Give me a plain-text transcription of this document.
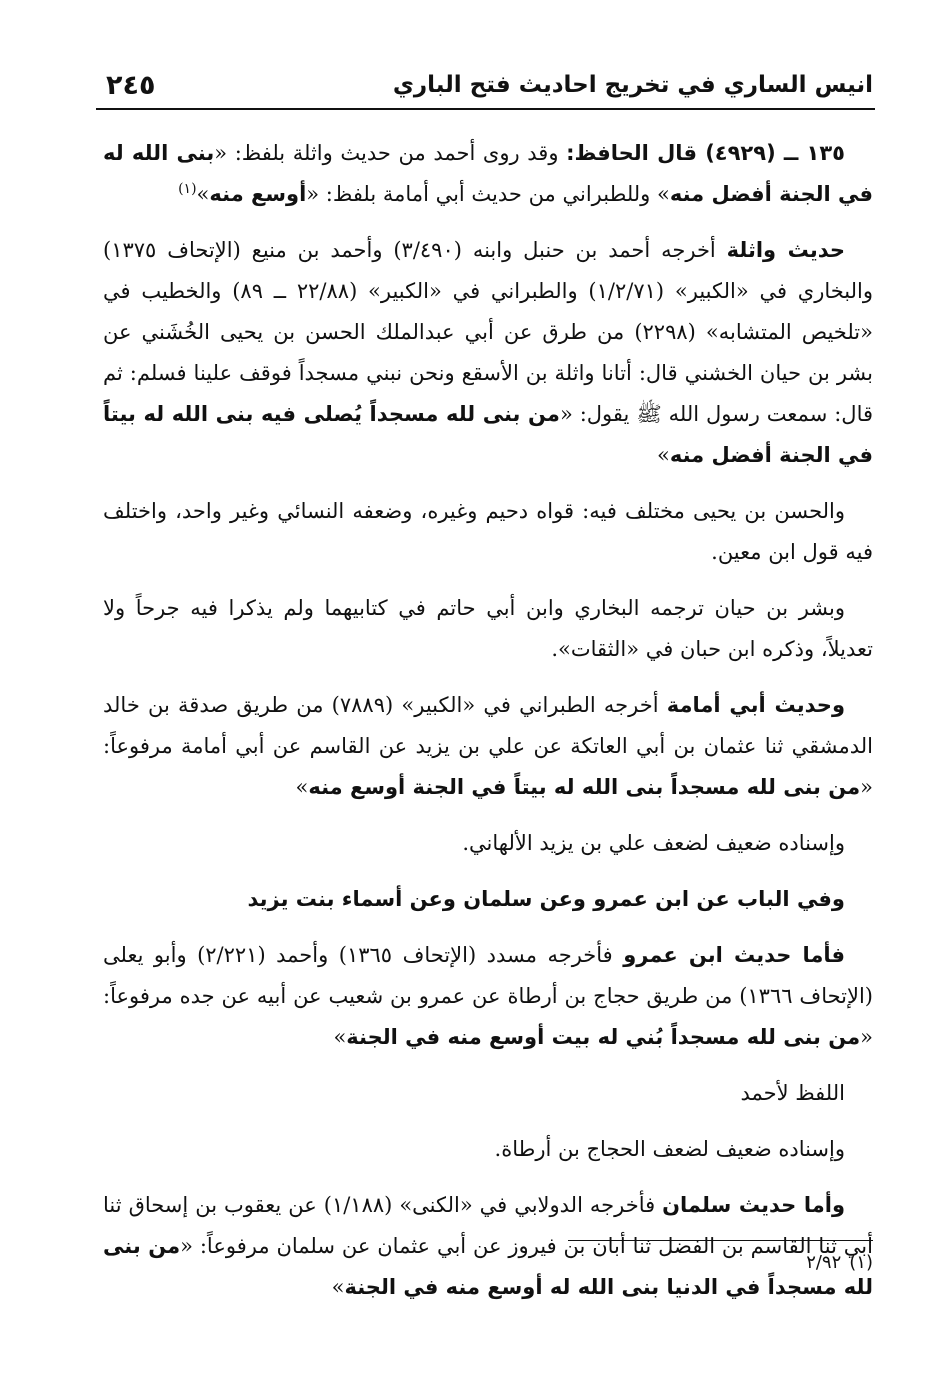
٢٤٥	انيس الساري في تخريج احاديث فتح الباري

١٣٥ ــ (٤٩٢٩) قال الحافظ: وقد روى أحمد من حديث واثلة بلفظ: «بنى الله له في الجنة أفضل منه» وللطبراني من حديث أبي أمامة بلفظ: «أوسع منه»$^{(١)}$

حديث واثلة أخرجه أحمد بن حنبل وابنه (٣/٤٩٠) وأحمد بن منيع (الإتحاف ١٣٧٥) والبخاري في «الكبير» (١/٢/٧١) والطبراني في «الكبير» (٢٢/٨٨ ــ ٨٩) والخطيب في «تلخيص المتشابه» (٢٢٩٨) من طرق عن أبي عبدالملك الحسن بن يحيى الخُشَني عن بشر بن حيان الخشني قال: أتانا واثلة بن الأسقع ونحن نبني مسجداً فوقف علينا فسلم: ثم قال: سمعت رسول الله ﷺ يقول: «من بنى لله مسجداً يُصلى فيه بنى الله له بيتاً في الجنة أفضل منه»

والحسن بن يحيى مختلف فيه: قواه دحيم وغيره، وضعفه النسائي وغير واحد، واختلف فيه قول ابن معين.

وبشر بن حيان ترجمه البخاري وابن أبي حاتم في كتابيهما ولم يذكرا فيه جرحاً ولا تعديلاً، وذكره ابن حبان في «الثقات».

وحديث أبي أمامة أخرجه الطبراني في «الكبير» (٧٨٨٩) من طريق صدقة بن خالد الدمشقي ثنا عثمان بن أبي العاتكة عن علي بن يزيد عن القاسم عن أبي أمامة مرفوعاً: «من بنى لله مسجداً بنى الله له بيتاً في الجنة أوسع منه»

وإسناده ضعيف لضعف علي بن يزيد الألهاني.

وفي الباب عن ابن عمرو وعن سلمان وعن أسماء بنت يزيد

فأما حديث ابن عمرو فأخرجه مسدد (الإتحاف ١٣٦٥) وأحمد (٢/٢٢١) وأبو يعلى (الإتحاف ١٣٦٦) من طريق حجاج بن أرطاة عن عمرو بن شعيب عن أبيه عن جده مرفوعاً: «من بنى لله مسجداً بُني له بيت أوسع منه في الجنة»

اللفظ لأحمد

وإسناده ضعيف لضعف الحجاج بن أرطاة.

وأما حديث سلمان فأخرجه الدولابي في «الكنى» (١/١٨٨) عن يعقوب بن إسحاق ثنا أبي ثنا القاسم بن الفضل ثنا أبان بن فيروز عن أبي عثمان عن سلمان مرفوعاً: «من بنى لله مسجداً في الدنيا بنى الله له أوسع منه في الجنة»

(١)٢/٩٢
